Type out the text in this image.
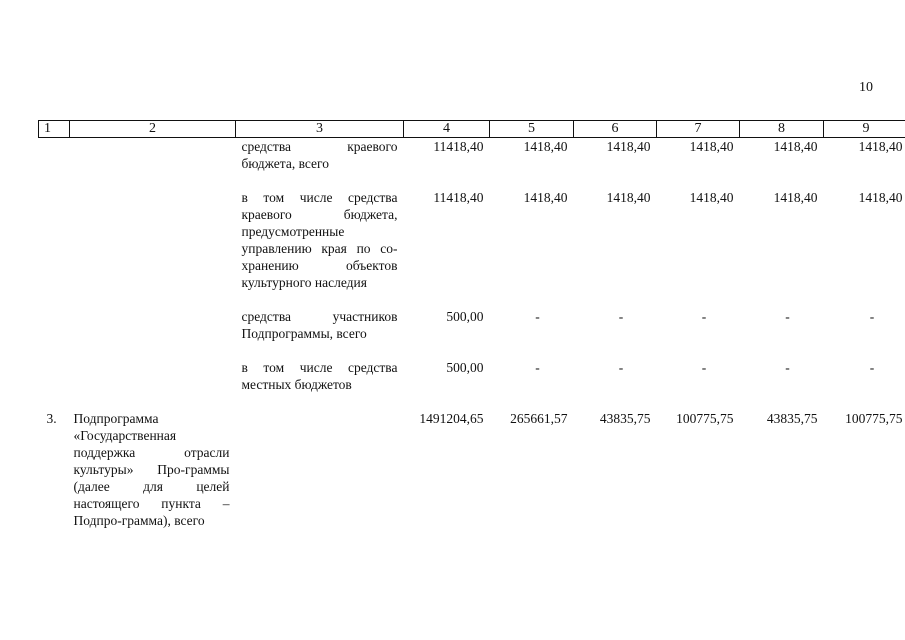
10
1	2	3	4	5	6	7	8	9
		средства краевого бюджета, всего	11418,40	1418,40	1418,40	1418,40	1418,40	1418,40

		в том числе средства краевого бюджета, предусмотренные управлению края по со-хранению объектов культурного наследия	11418,40	1418,40	1418,40	1418,40	1418,40	1418,40

		средства участников Подпрограммы, всего	500,00	-	-	-	-	-

		в том числе средства местных бюджетов	500,00	-	-	-	-	-

3.	Подпрограмма «Государственная поддержка отрасли культуры» Про-граммы (далее для целей настоящего пункта – Подпро-грамма), всего		1491204,65	265661,57	43835,75	100775,75	43835,75	100775,75
